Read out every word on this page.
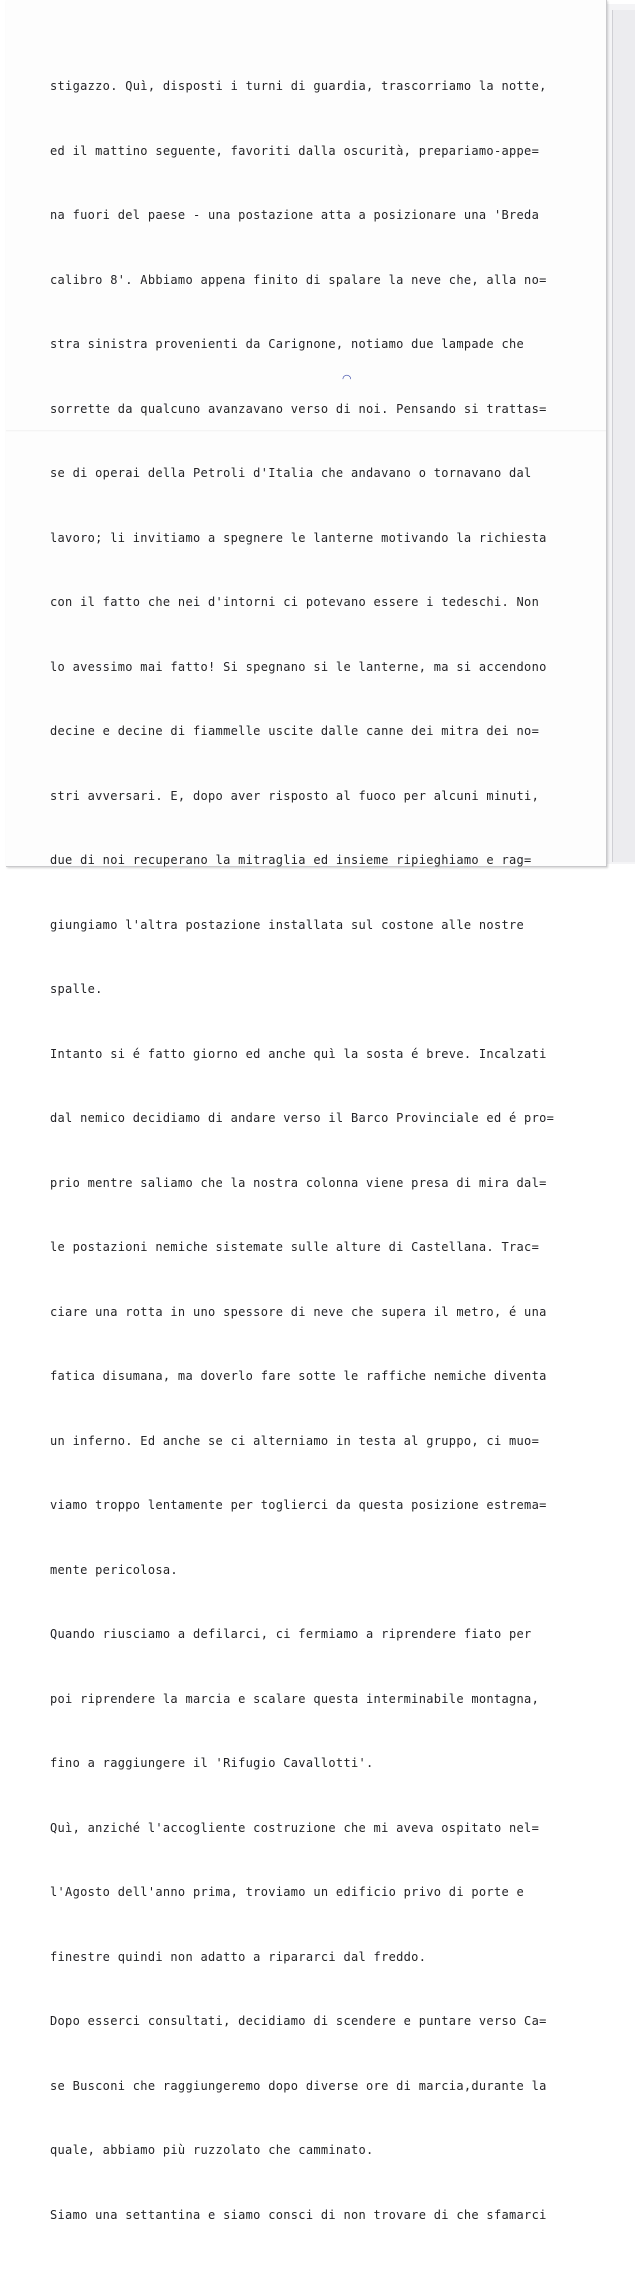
stigazzo. Quì, disposti i turni di guardia, trascorriamo la notte,

ed il mattino seguente, favoriti dalla oscurità, prepariamo-appe=

na fuori del paese - una postazione atta a posizionare una 'Breda

calibro 8'. Abbiamo appena finito di spalare la neve che, alla no=

stra sinistra provenienti da Carignone, notiamo due lampade che

sorrette da qualcuno avanzavano verso di noi. Pensando si trattas=

se di operai della Petroli d'Italia che andavano o tornavano dal

lavoro; li invitiamo a spegnere le lanterne motivando la richiesta

con il fatto che nei d'intorni ci potevano essere i tedeschi. Non

lo avessimo mai fatto! Si spegnano si le lanterne, ma si accendono

decine e decine di fiammelle uscite dalle canne dei mitra dei no=

stri avversari. E, dopo aver risposto al fuoco per alcuni minuti,

due di noi recuperano la mitraglia ed insieme ripieghiamo e rag=

giungiamo l'altra postazione installata sul costone alle nostre

spalle.

Intanto si é fatto giorno ed anche quì la sosta é breve. Incalzati

dal nemico decidiamo di andare verso il Barco Provinciale ed é pro=

prio mentre saliamo che la nostra colonna viene presa di mira dal=

le postazioni nemiche sistemate sulle alture di Castellana. Trac=

ciare una rotta in uno spessore di neve che supera il metro, é una

fatica disumana, ma doverlo fare sotte le raffiche nemiche diventa

un inferno. Ed anche se ci alterniamo in testa al gruppo, ci muo=

viamo troppo lentamente per toglierci da questa posizione estrema=

mente pericolosa.

Quando riusciamo a defilarci, ci fermiamo a riprendere fiato per

poi riprendere la marcia e scalare questa interminabile montagna,

fino a raggiungere il 'Rifugio Cavallotti'.

Quì, anziché l'accogliente costruzione che mi aveva ospitato nel=

l'Agosto dell'anno prima, troviamo un edificio privo di porte e

finestre quindi non adatto a ripararci dal freddo.

Dopo esserci consultati, decidiamo di scendere e puntare verso Ca=

se Busconi che raggiungeremo dopo diverse ore di marcia,durante la

quale, abbiamo più ruzzolato che camminato.

Siamo una settantina e siamo consci di non trovare di che sfamarci

◠
